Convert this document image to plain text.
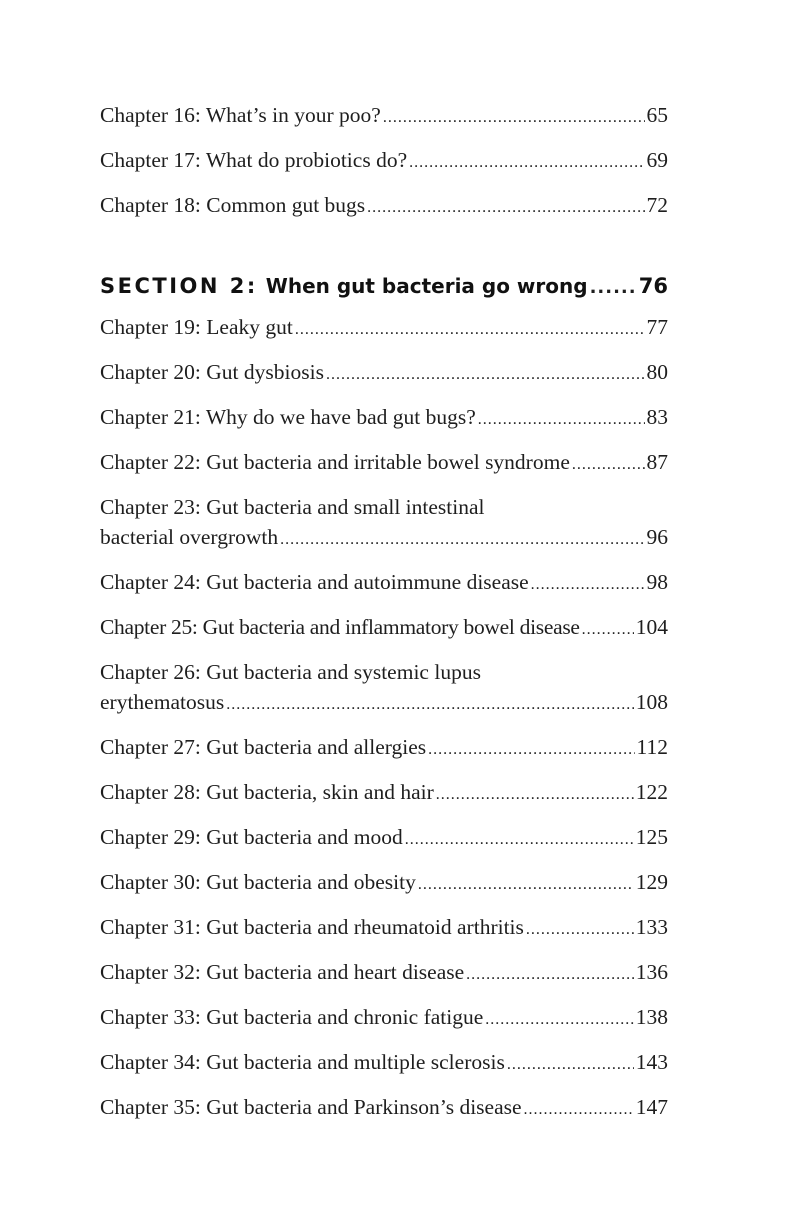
Chapter 16: What’s in your poo? .....	65
Chapter 17: What do probiotics do? .....	69
Chapter 18: Common gut bugs .....	72
SECTION 2: When gut bacteria go wrong ..... 76
Chapter 19: Leaky gut .....	77
Chapter 20: Gut dysbiosis .....	80
Chapter 21: Why do we have bad gut bugs? .....	83
Chapter 22: Gut bacteria and irritable bowel syndrome .....	87
Chapter 23: Gut bacteria and small intestinal
bacterial overgrowth .....	96
Chapter 24: Gut bacteria and autoimmune disease .....	98
Chapter 25: Gut bacteria and inflammatory bowel disease .....	104
Chapter 26: Gut bacteria and systemic lupus
erythematosus .....	108
Chapter 27: Gut bacteria and allergies .....	112
Chapter 28: Gut bacteria, skin and hair .....	122
Chapter 29: Gut bacteria and mood .....	125
Chapter 30: Gut bacteria and obesity .....	129
Chapter 31: Gut bacteria and rheumatoid arthritis .....	133
Chapter 32: Gut bacteria and heart disease .....	136
Chapter 33: Gut bacteria and chronic fatigue .....	138
Chapter 34: Gut bacteria and multiple sclerosis .....	143
Chapter 35: Gut bacteria and Parkinson’s disease .....	147
